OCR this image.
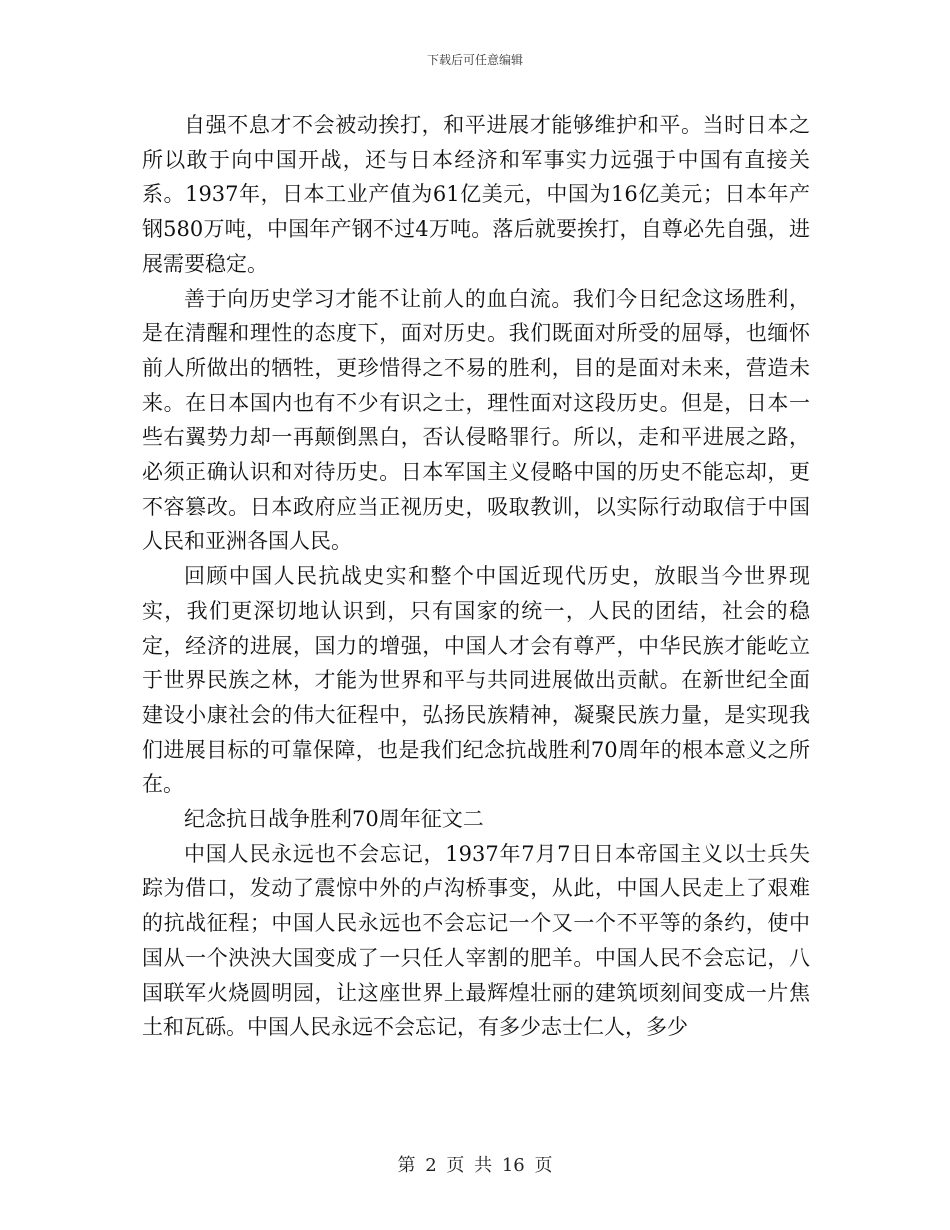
下载后可任意编辑

自强不息才不会被动挨打，和平进展才能够维护和平。当时日本之所以敢于向中国开战，还与日本经济和军事实力远强于中国有直接关系。1937年，日本工业产值为61亿美元，中国为16亿美元；日本年产钢580万吨，中国年产钢不过4万吨。落后就要挨打，自尊必先自强，进展需要稳定。

善于向历史学习才能不让前人的血白流。我们今日纪念这场胜利，是在清醒和理性的态度下，面对历史。我们既面对所受的屈辱，也缅怀前人所做出的牺牲，更珍惜得之不易的胜利，目的是面对未来，营造未来。在日本国内也有不少有识之士，理性面对这段历史。但是，日本一些右翼势力却一再颠倒黑白，否认侵略罪行。所以，走和平进展之路，必须正确认识和对待历史。日本军国主义侵略中国的历史不能忘却，更不容篡改。日本政府应当正视历史，吸取教训，以实际行动取信于中国人民和亚洲各国人民。

回顾中国人民抗战史实和整个中国近现代历史，放眼当今世界现实，我们更深切地认识到，只有国家的统一，人民的团结，社会的稳定，经济的进展，国力的增强，中国人才会有尊严，中华民族才能屹立于世界民族之林，才能为世界和平与共同进展做出贡献。在新世纪全面建设小康社会的伟大征程中，弘扬民族精神，凝聚民族力量，是实现我们进展目标的可靠保障，也是我们纪念抗战胜利70周年的根本意义之所在。

纪念抗日战争胜利70周年征文二

中国人民永远也不会忘记，1937年7月7日日本帝国主义以士兵失踪为借口，发动了震惊中外的卢沟桥事变，从此，中国人民走上了艰难的抗战征程；中国人民永远也不会忘记一个又一个不平等的条约，使中国从一个泱泱大国变成了一只任人宰割的肥羊。中国人民不会忘记，八国联军火烧圆明园，让这座世界上最辉煌壮丽的建筑顷刻间变成一片焦土和瓦砾。中国人民永远不会忘记，有多少志士仁人，多少

第 2 页 共 16 页
